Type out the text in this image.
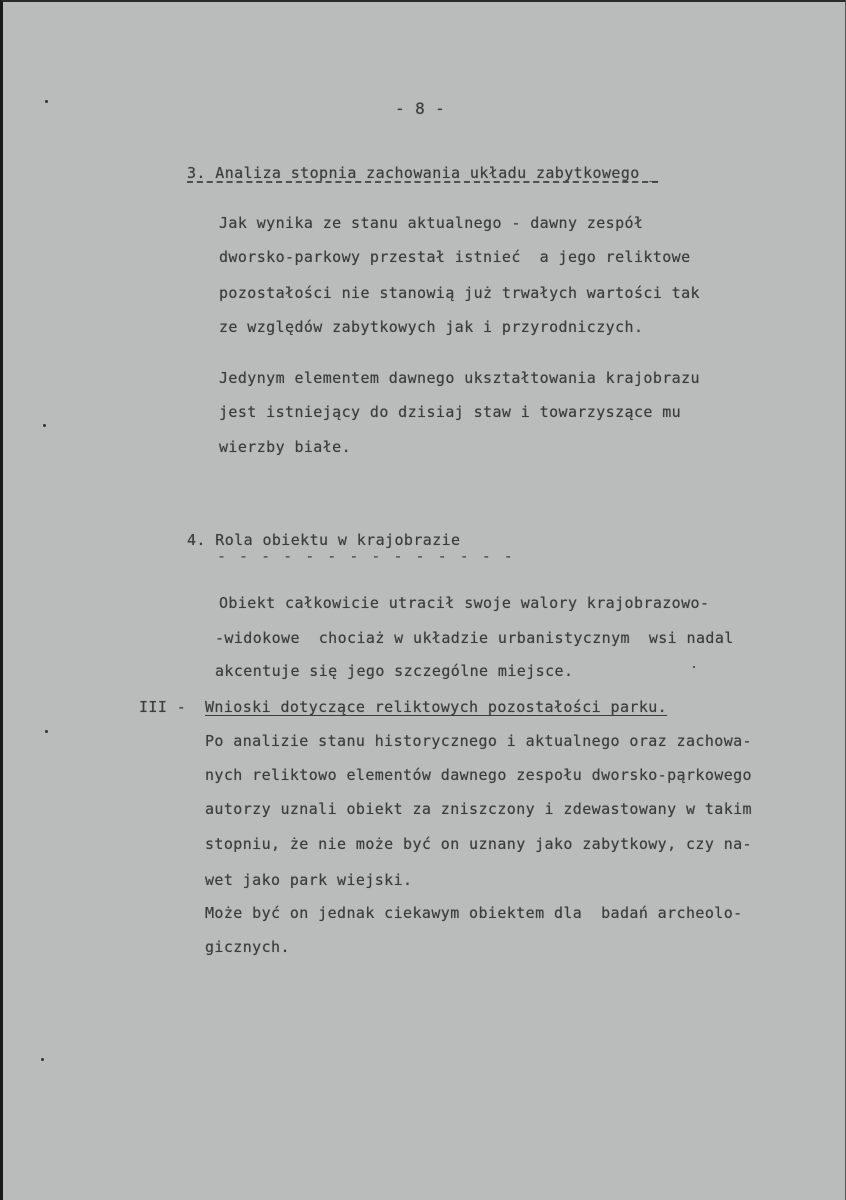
- 8 -
3. Analiza stopnia zachowania układu zabytkowego _
Jak wynika ze stanu aktualnego - dawny zespół
dworsko-parkowy przestał istnieć  a jego reliktowe
pozostałości nie stanowią już trwałych wartości tak
ze względów zabytkowych jak i przyrodniczych.
Jedynym elementem dawnego ukształtowania krajobrazu
jest istniejący do dzisiaj staw i towarzyszące mu
wierzby białe.
4. Rola obiektu w krajobrazie
- - - - - - - - - - - - - -
Obiekt całkowicie utracił swoje walory krajobrazowo-
-widokowe  chociaż w układzie urbanistycznym  wsi nadal
akcentuje się jego szczególne miejsce.
III - Wnioski dotyczące reliktowych pozostałości parku.
Po analizie stanu historycznego i aktualnego oraz zachowa-
nych reliktowo elementów dawnego zespołu dworsko-pąrkowego
autorzy uznali obiekt za zniszczony i zdewastowany w takim
stopniu, że nie może być on uznany jako zabytkowy, czy na-
wet jako park wiejski.
Może być on jednak ciekawym obiektem dla  badań archeolo-
gicznych.
